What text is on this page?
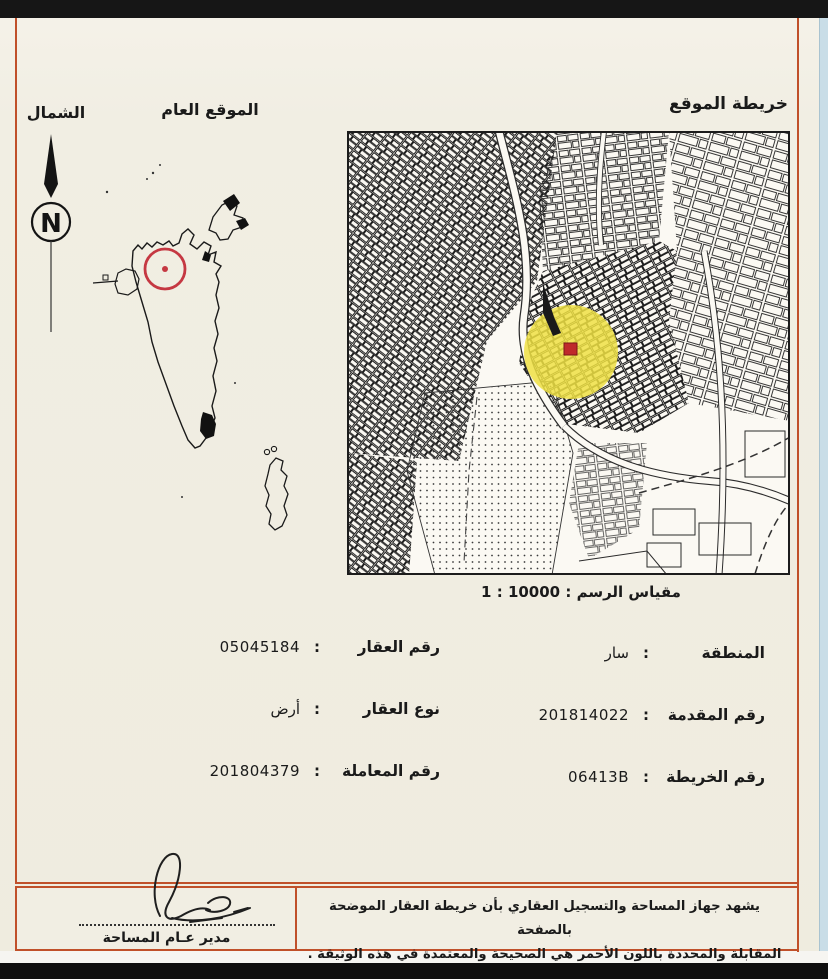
خريطة الموقع
الموقع العام
الشمال
N
مقياس الرسم : 10000 : 1
المنطقة
:
سار
رقم المقدمة
:
201814022
رقم الخريطة
:
06413B
رقم العقار
:
05045184
نوع العقار
:
أرض
رقم المعاملة
:
201804379
مدير عـام المساحة
يشهد جهاز المساحة والتسجيل العقاري بأن خريطة العقار الموضحة بالصفحة
المقابلة والمحددة باللون الأحمر هي الصحيحة والمعتمدة في هذه الوثيقة .
